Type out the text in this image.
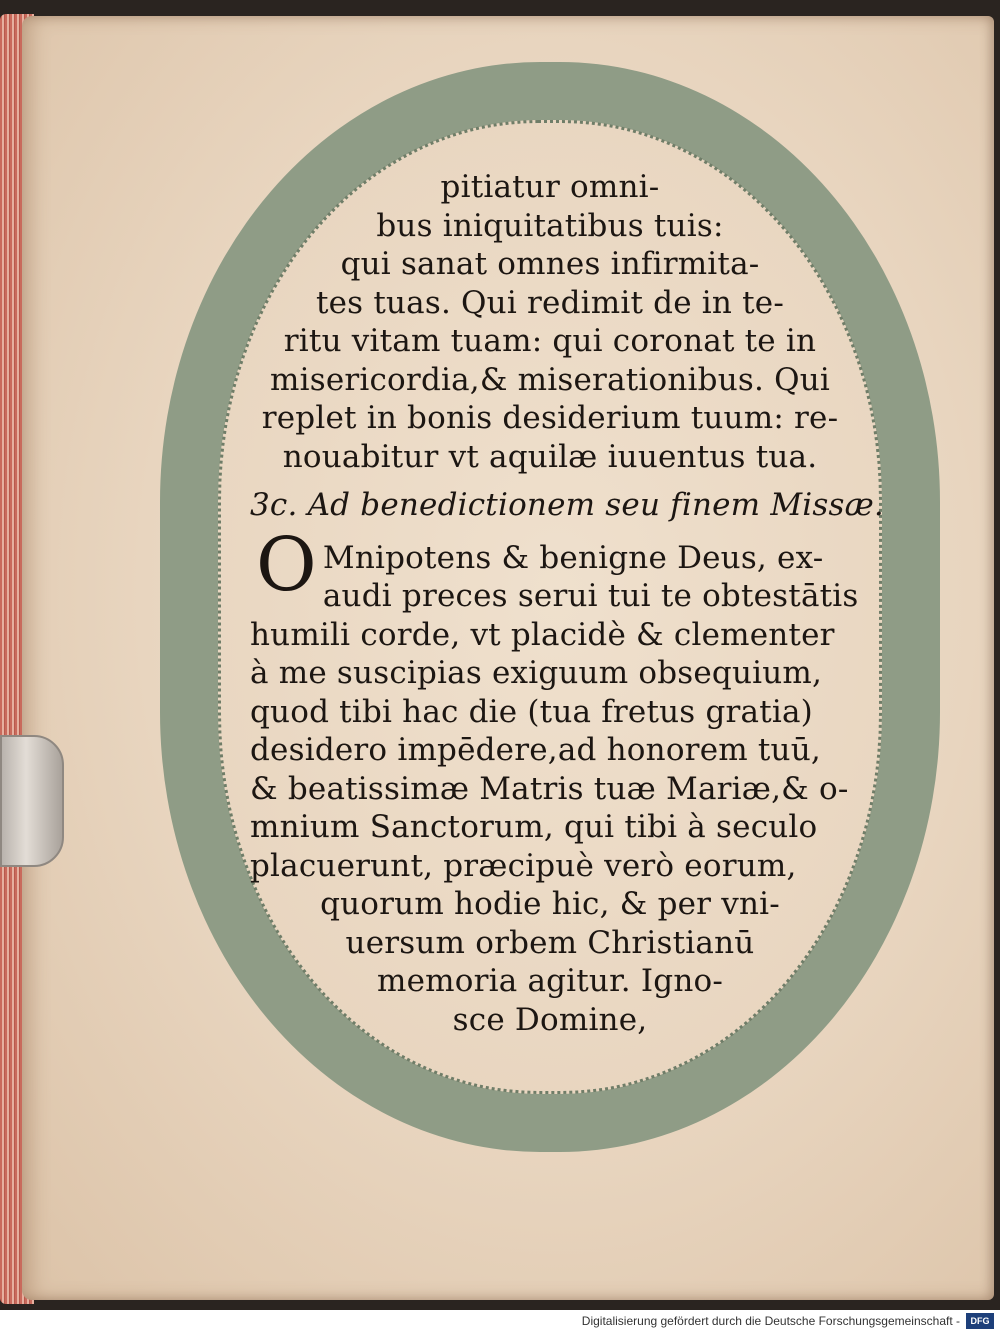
pitiatur omni-
bus iniquitatibus tuis:
qui sanat omnes infirmita-
tes tuas. Qui redimit de in te-
ritu vitam tuam: qui coronat te in
misericordia,& miserationibus. Qui
replet in bonis desiderium tuum: re-
nouabitur vt aquilæ iuuentus tua.
3c. Ad benedictionem seu finem Missæ.
O Mnipotens & benigne Deus, ex-
audi preces serui tui te obtestātis
humili corde, vt placidè & clementer
à me suscipias exiguum obsequium,
quod tibi hac die (tua fretus gratia)
desidero impēdere,ad honorem tuū,
& beatissimæ Matris tuæ Mariæ,& o-
mnium Sanctorum, qui tibi à seculo
placuerunt, præcipuè verò eorum,
quorum hodie hic, & per vni-
uersum orbem Christianū
memoria agitur. Igno-
sce Domine,
Digitalisierung gefördert durch die Deutsche Forschungsgemeinschaft -	DFG
